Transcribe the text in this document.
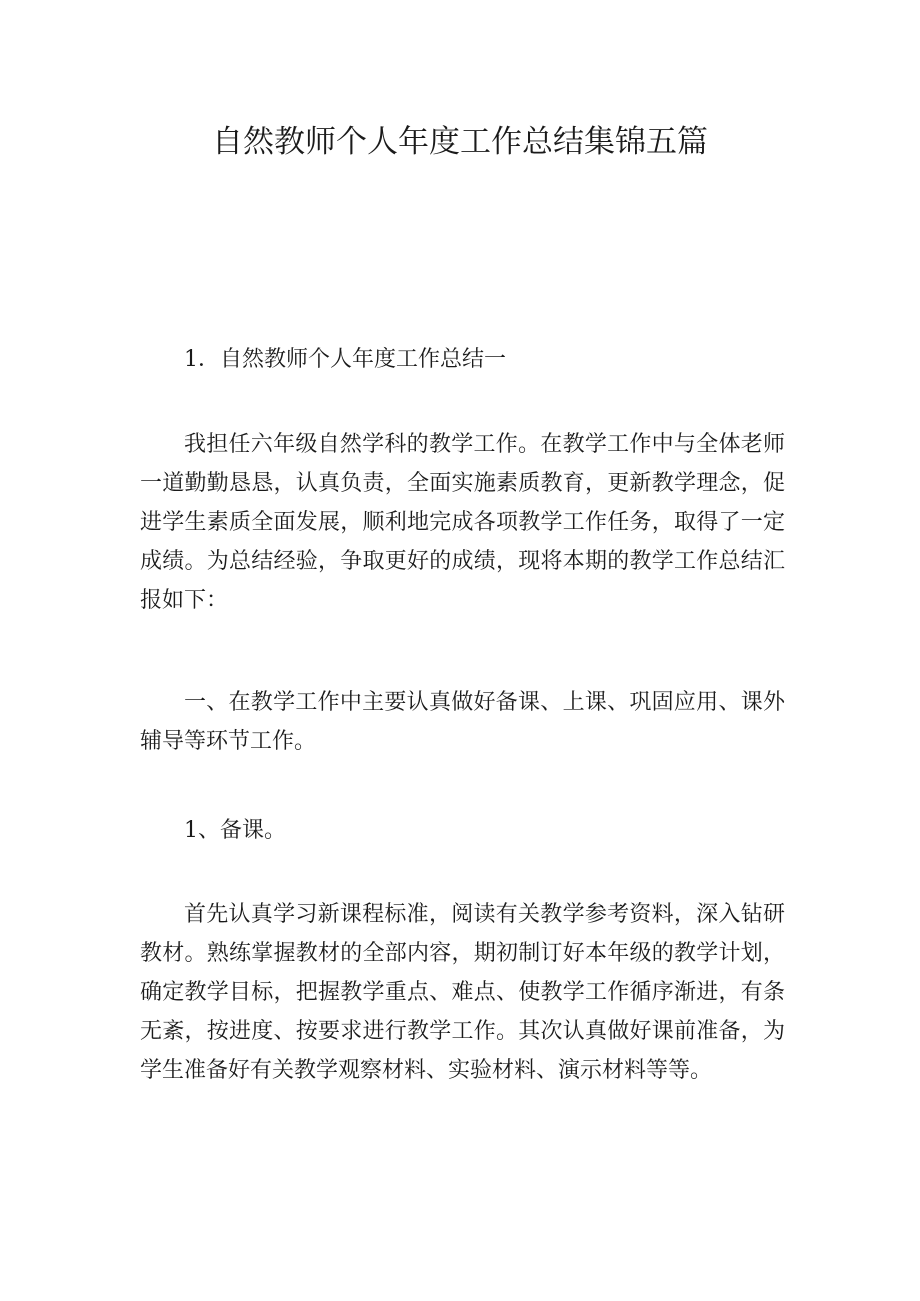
自然教师个人年度工作总结集锦五篇

1．自然教师个人年度工作总结一

我担任六年级自然学科的教学工作。在教学工作中与全体老师一道勤勤恳恳，认真负责，全面实施素质教育，更新教学理念，促进学生素质全面发展，顺利地完成各项教学工作任务，取得了一定成绩。为总结经验，争取更好的成绩，现将本期的教学工作总结汇报如下：

一、在教学工作中主要认真做好备课、上课、巩固应用、课外辅导等环节工作。

1、备课。

首先认真学习新课程标准，阅读有关教学参考资料，深入钻研教材。熟练掌握教材的全部内容，期初制订好本年级的教学计划，确定教学目标，把握教学重点、难点、使教学工作循序渐进，有条无紊，按进度、按要求进行教学工作。其次认真做好课前准备，为学生准备好有关教学观察材料、实验材料、演示材料等等。
